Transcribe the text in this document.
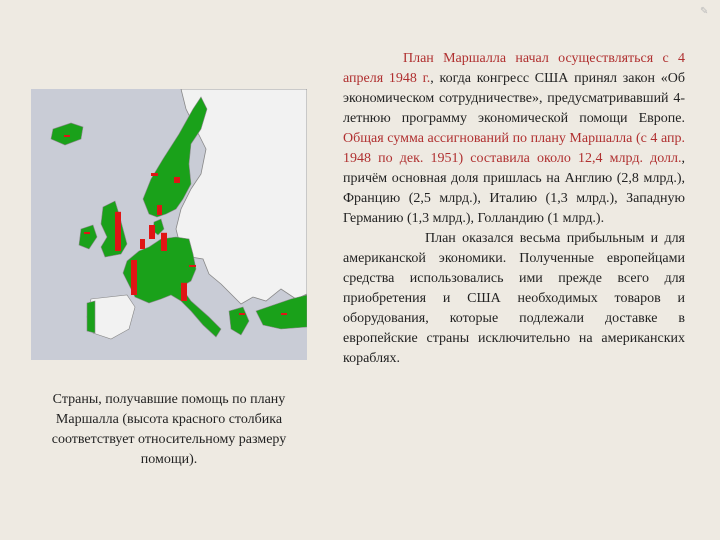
Страны, получавшие помощь по плану Маршалла (высота красного столбика соответствует относительному размеру помощи).

План Маршалла начал осуществляться с 4 апреля 1948 г., когда конгресс США принял закон «Об экономическом сотрудничестве», предусматривавший 4-летнюю программу экономической помощи Европе. Общая сумма ассигнований по плану Маршалла (с 4 апр. 1948 по дек. 1951) составила около 12,4 млрд. долл., причём основная доля пришлась на Англию (2,8 млрд.), Францию (2,5 млрд.), Италию (1,3 млрд.), Западную Германию (1,3 млрд.), Голландию (1 млрд.).

План оказался весьма прибыльным и для американской экономики. Полученные европейцами средства использовались ими прежде всего для приобретения и США необходимых товаров и оборудования, которые подлежали доставке в европейские страны исключительно на американских кораблях.

✎
